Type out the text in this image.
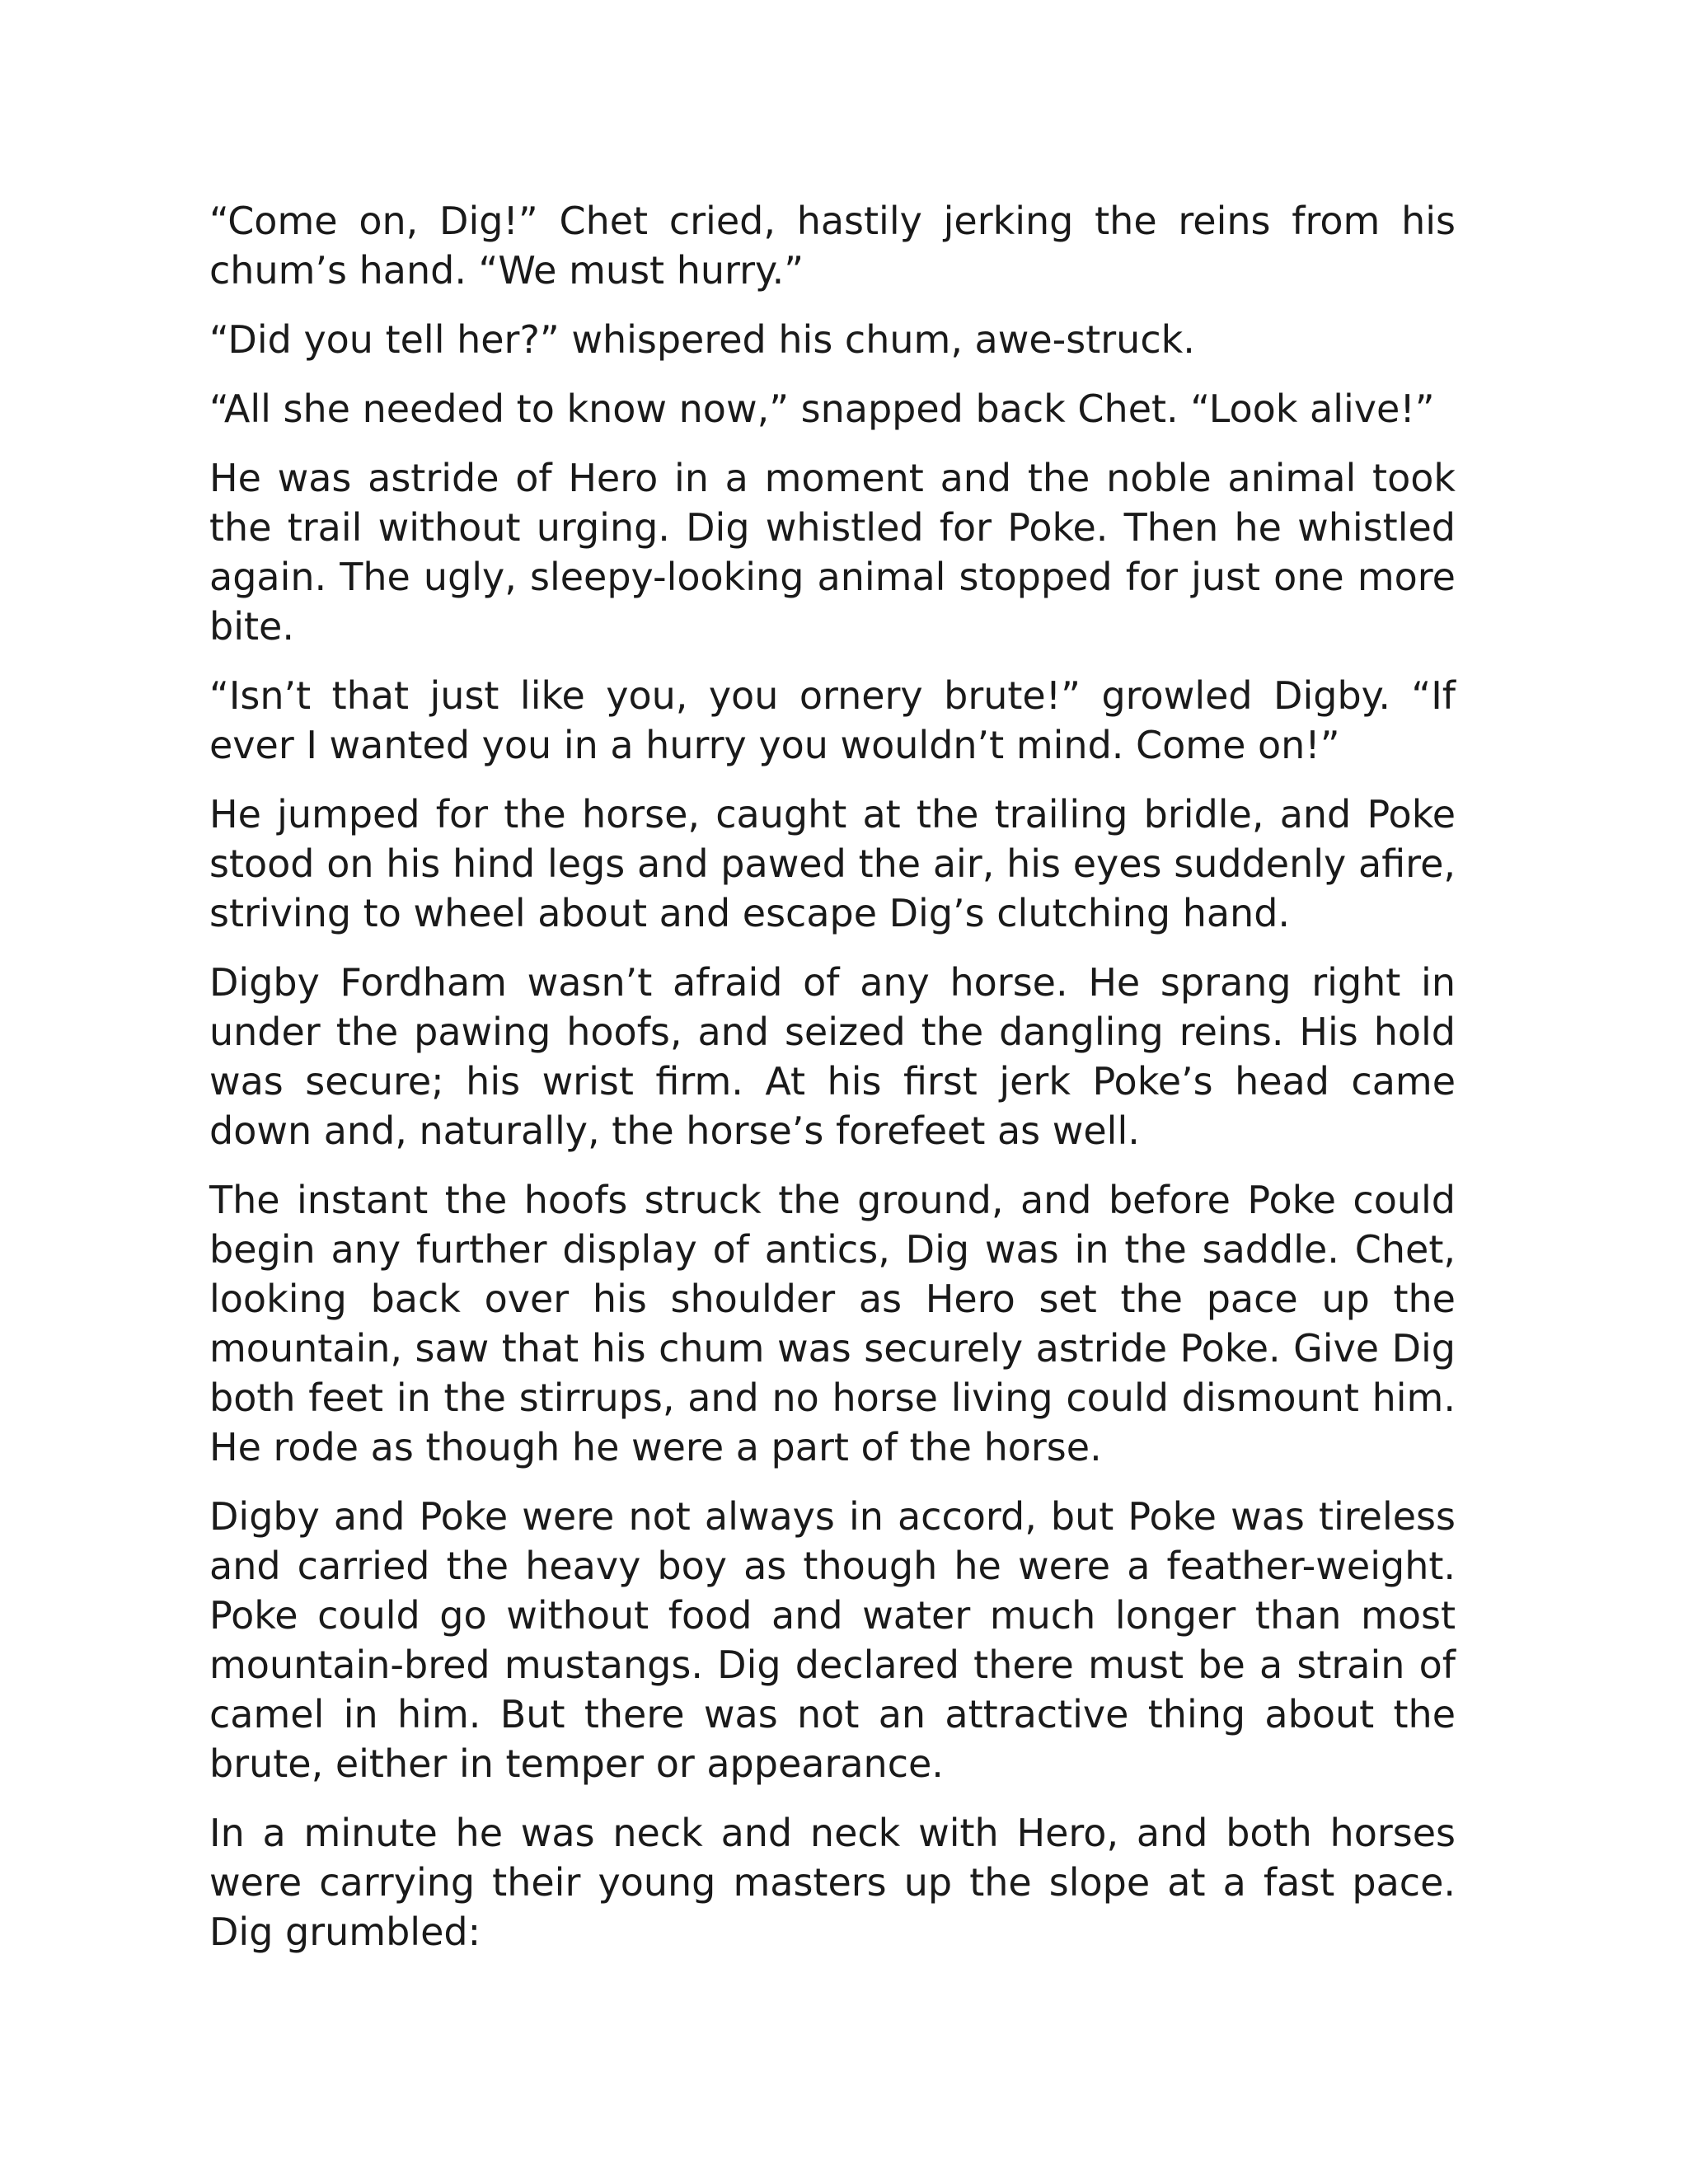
“Come on, Dig!” Chet cried, hastily jerking the reins from his chum’s hand. “We must hurry.”

“Did you tell her?” whispered his chum, awe-struck.

“All she needed to know now,” snapped back Chet. “Look alive!”

He was astride of Hero in a moment and the noble animal took the trail without urging. Dig whistled for Poke. Then he whistled again. The ugly, sleepy-looking animal stopped for just one more bite.

“Isn’t that just like you, you ornery brute!” growled Digby. “If ever I wanted you in a hurry you wouldn’t mind. Come on!”

He jumped for the horse, caught at the trailing bridle, and Poke stood on his hind legs and pawed the air, his eyes suddenly afire, striving to wheel about and escape Dig’s clutching hand.

Digby Fordham wasn’t afraid of any horse. He sprang right in under the pawing hoofs, and seized the dangling reins. His hold was secure; his wrist firm. At his first jerk Poke’s head came down and, naturally, the horse’s forefeet as well.

The instant the hoofs struck the ground, and before Poke could begin any further display of antics, Dig was in the saddle. Chet, looking back over his shoulder as Hero set the pace up the mountain, saw that his chum was securely astride Poke. Give Dig both feet in the stirrups, and no horse living could dismount him. He rode as though he were a part of the horse.

Digby and Poke were not always in accord, but Poke was tireless and carried the heavy boy as though he were a feather-weight. Poke could go without food and water much longer than most mountain-bred mustangs. Dig declared there must be a strain of camel in him. But there was not an attractive thing about the brute, either in temper or appearance.

In a minute he was neck and neck with Hero, and both horses were carrying their young masters up the slope at a fast pace. Dig grumbled:
